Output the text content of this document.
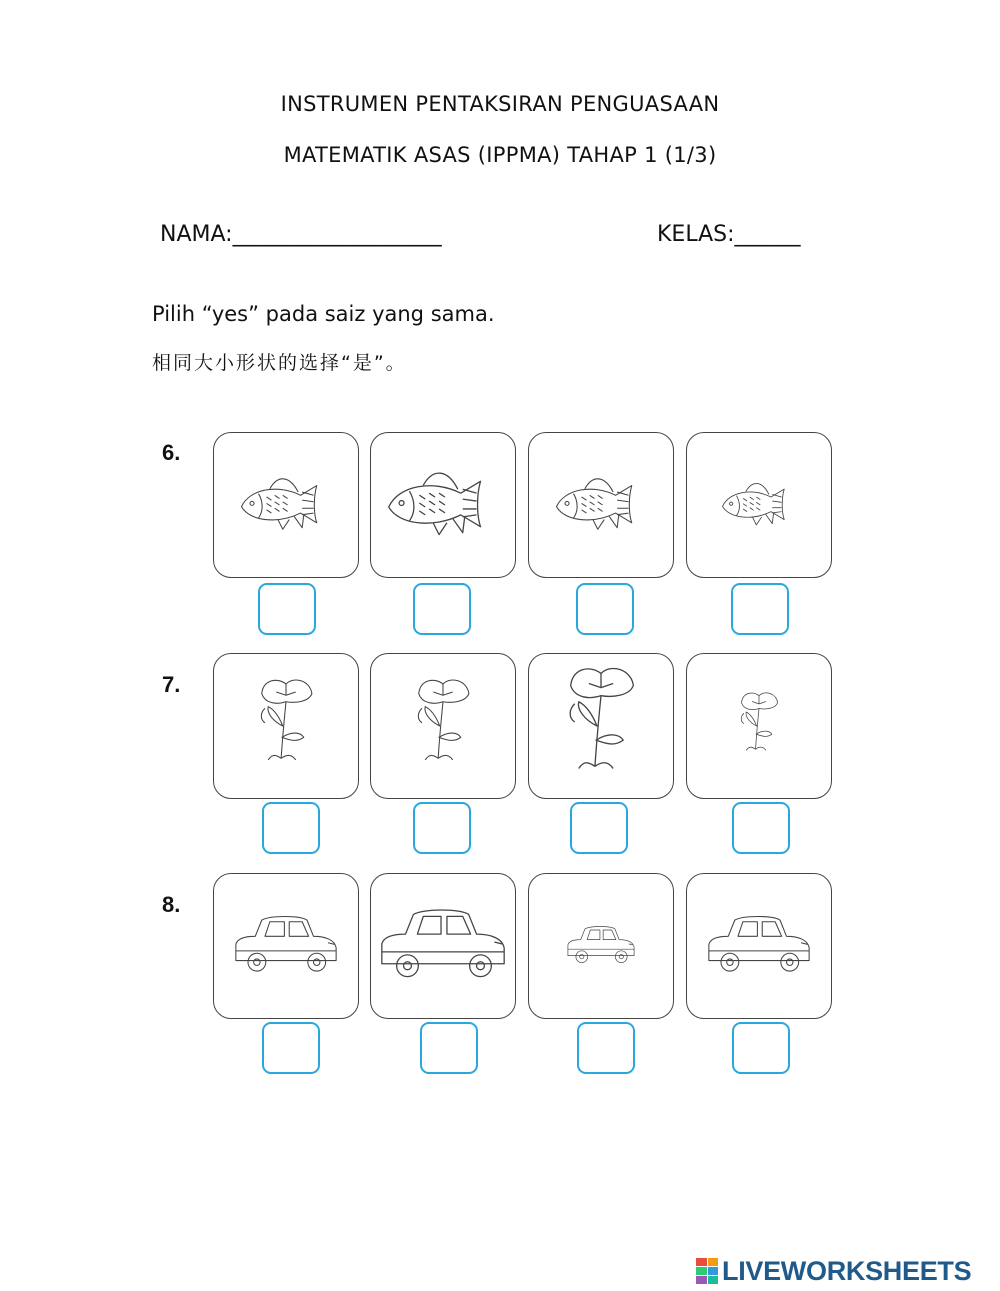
INSTRUMEN PENTAKSIRAN PENGUASAAN
MATEMATIK ASAS (IPPMA) TAHAP 1 (1/3)
NAMA:___________________	KELAS:______
Pilih “yes” pada saiz yang sama.
相同大小形状的选择“是”。
6.
7.
8.
LIVEWORKSHEETS
